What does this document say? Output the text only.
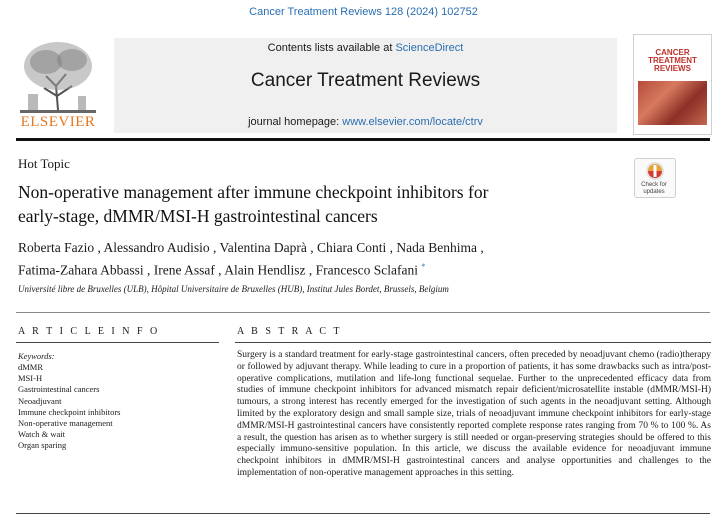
Cancer Treatment Reviews 128 (2024) 102752
ELSEVIER
Contents lists available at ScienceDirect
Cancer Treatment Reviews
journal homepage: www.elsevier.com/locate/ctrv
CANCER
TREATMENT
REVIEWS
Hot Topic
Non-operative management after immune checkpoint inhibitors for
early-stage, dMMR/MSI-H gastrointestinal cancers
Check for
updates
Roberta Fazio , Alessandro Audisio , Valentina Daprà , Chiara Conti , Nada Benhima ,
Fatima-Zahara Abbassi , Irene Assaf , Alain Hendlisz , Francesco Sclafani *
Université libre de Bruxelles (ULB), Hôpital Universitaire de Bruxelles (HUB), Institut Jules Bordet, Brussels, Belgium
A R T I C L E I N F O
Keywords:
dMMR
MSI-H
Gastrointestinal cancers
Neoadjuvant
Immune checkpoint inhibitors
Non-operative management
Watch & wait
Organ sparing
A B S T R A C T
Surgery is a standard treatment for early-stage gastrointestinal cancers, often preceded by neoadjuvant chemo (radio)therapy or followed by adjuvant therapy. While leading to cure in a proportion of patients, it has some drawbacks such as intra/post-operative complications, mutilation and life-long functional sequelae. Further to the unprecedented efficacy data from studies of immune checkpoint inhibitors for advanced mismatch repair deficient/microsatellite instable (dMMR/MSI-H) tumours, a strong interest has recently emerged for the investigation of such agents in the neoadjuvant setting. Although limited by the exploratory design and small sample size, trials of neoadjuvant immune checkpoint inhibitors for early-stage dMMR/MSI-H gastrointestinal cancers have consistently reported complete response rates ranging from 70 % to 100 %. As a result, the question has arisen as to whether surgery is still needed or organ-preserving strategies should be offered to this especially immuno-sensitive population. In this article, we discuss the available evidence for neoadjuvant immune checkpoint inhibitors in dMMR/MSI-H gastrointestinal cancers and analyse opportunities and challenges to the implementation of non-operative management approaches in this setting.
